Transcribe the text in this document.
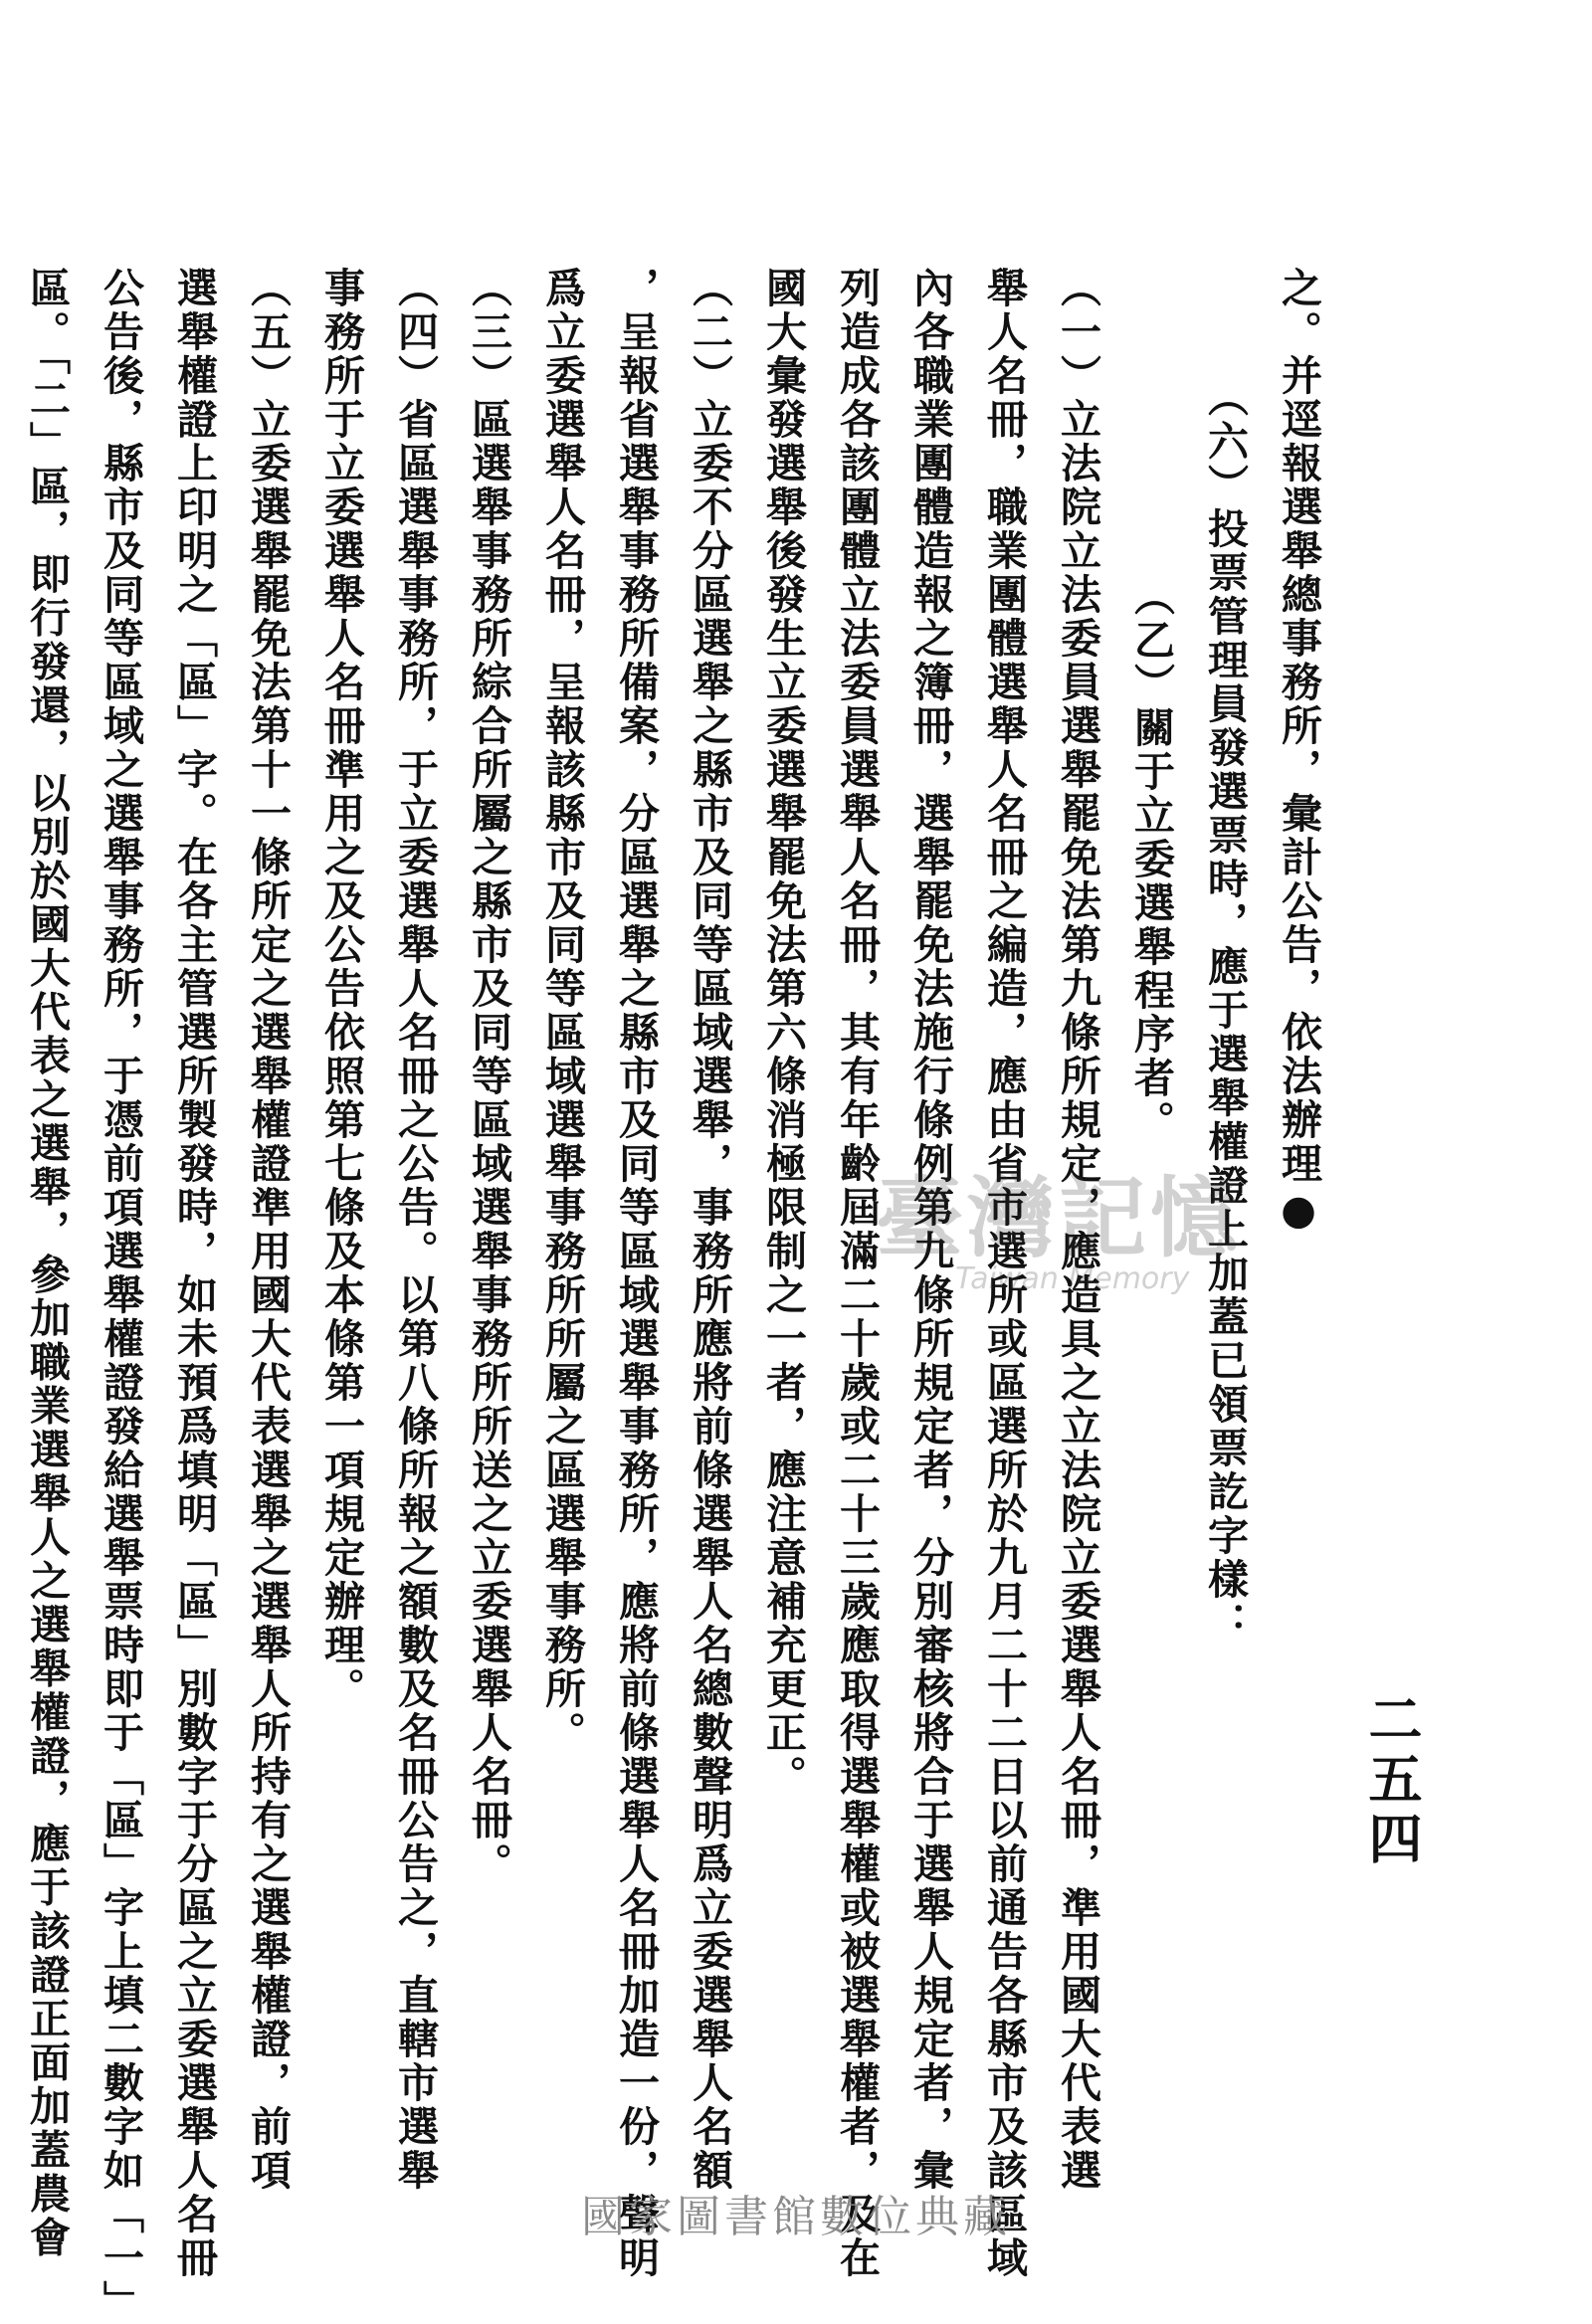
二五四
之。并逕報選舉總事務所，彙計公告，依法辦理●
（六）投票管理員發選票時，應于選舉權證上加蓋已領票訖字樣：
（乙）關于立委選舉程序者。
（一）立法院立法委員選舉罷免法第九條所規定，應造具之立法院立委選舉人名冊，準用國大代表選
舉人名冊，職業團體選舉人名冊之編造，應由省市選所或區選所於九月二十二日以前通告各縣市及該區域
內各職業團體造報之簿冊，選舉罷免法施行條例第九條所規定者，分別審核將合于選舉人規定者，彙
列造成各該團體立法委員選舉人名冊，其有年齡屆滿二十歲或二十三歲應取得選舉權或被選舉權者，及在
國大彙發選舉後發生立委選舉罷免法第六條消極限制之一者，應注意補充更正。
（二）立委不分區選舉之縣市及同等區域選舉，事務所應將前條選舉人名總數聲明爲立委選舉人名額
，呈報省選舉事務所備案，分區選舉之縣市及同等區域選舉事務所，應將前條選舉人名冊加造一份，聲明
爲立委選舉人名冊，呈報該縣市及同等區域選舉事務所所屬之區選舉事務所。
（三）區選舉事務所綜合所屬之縣市及同等區域選舉事務所所送之立委選舉人名冊。
（四）省區選舉事務所，于立委選舉人名冊之公告。以第八條所報之額數及名冊公告之，直轄市選舉
事務所于立委選舉人名冊準用之及公告依照第七條及本條第一項規定辦理。
（五）立委選舉罷免法第十一條所定之選舉權證準用國大代表選舉之選舉人所持有之選舉權證，前項
選舉權證上印明之「區」字。在各主管選所製發時，如未預爲填明「區」別數字于分區之立委選舉人名冊
公告後，縣市及同等區域之選舉事務所，于憑前項選舉權證發給選舉票時即于「區」字上填二數字如「一」
區。「二」區，即行發還，以別於國大代表之選舉，參加職業選舉人之選舉權證，應于該證正面加蓋農會	臺灣記憶
Taiwan Memory
國家圖書館數位典藏
